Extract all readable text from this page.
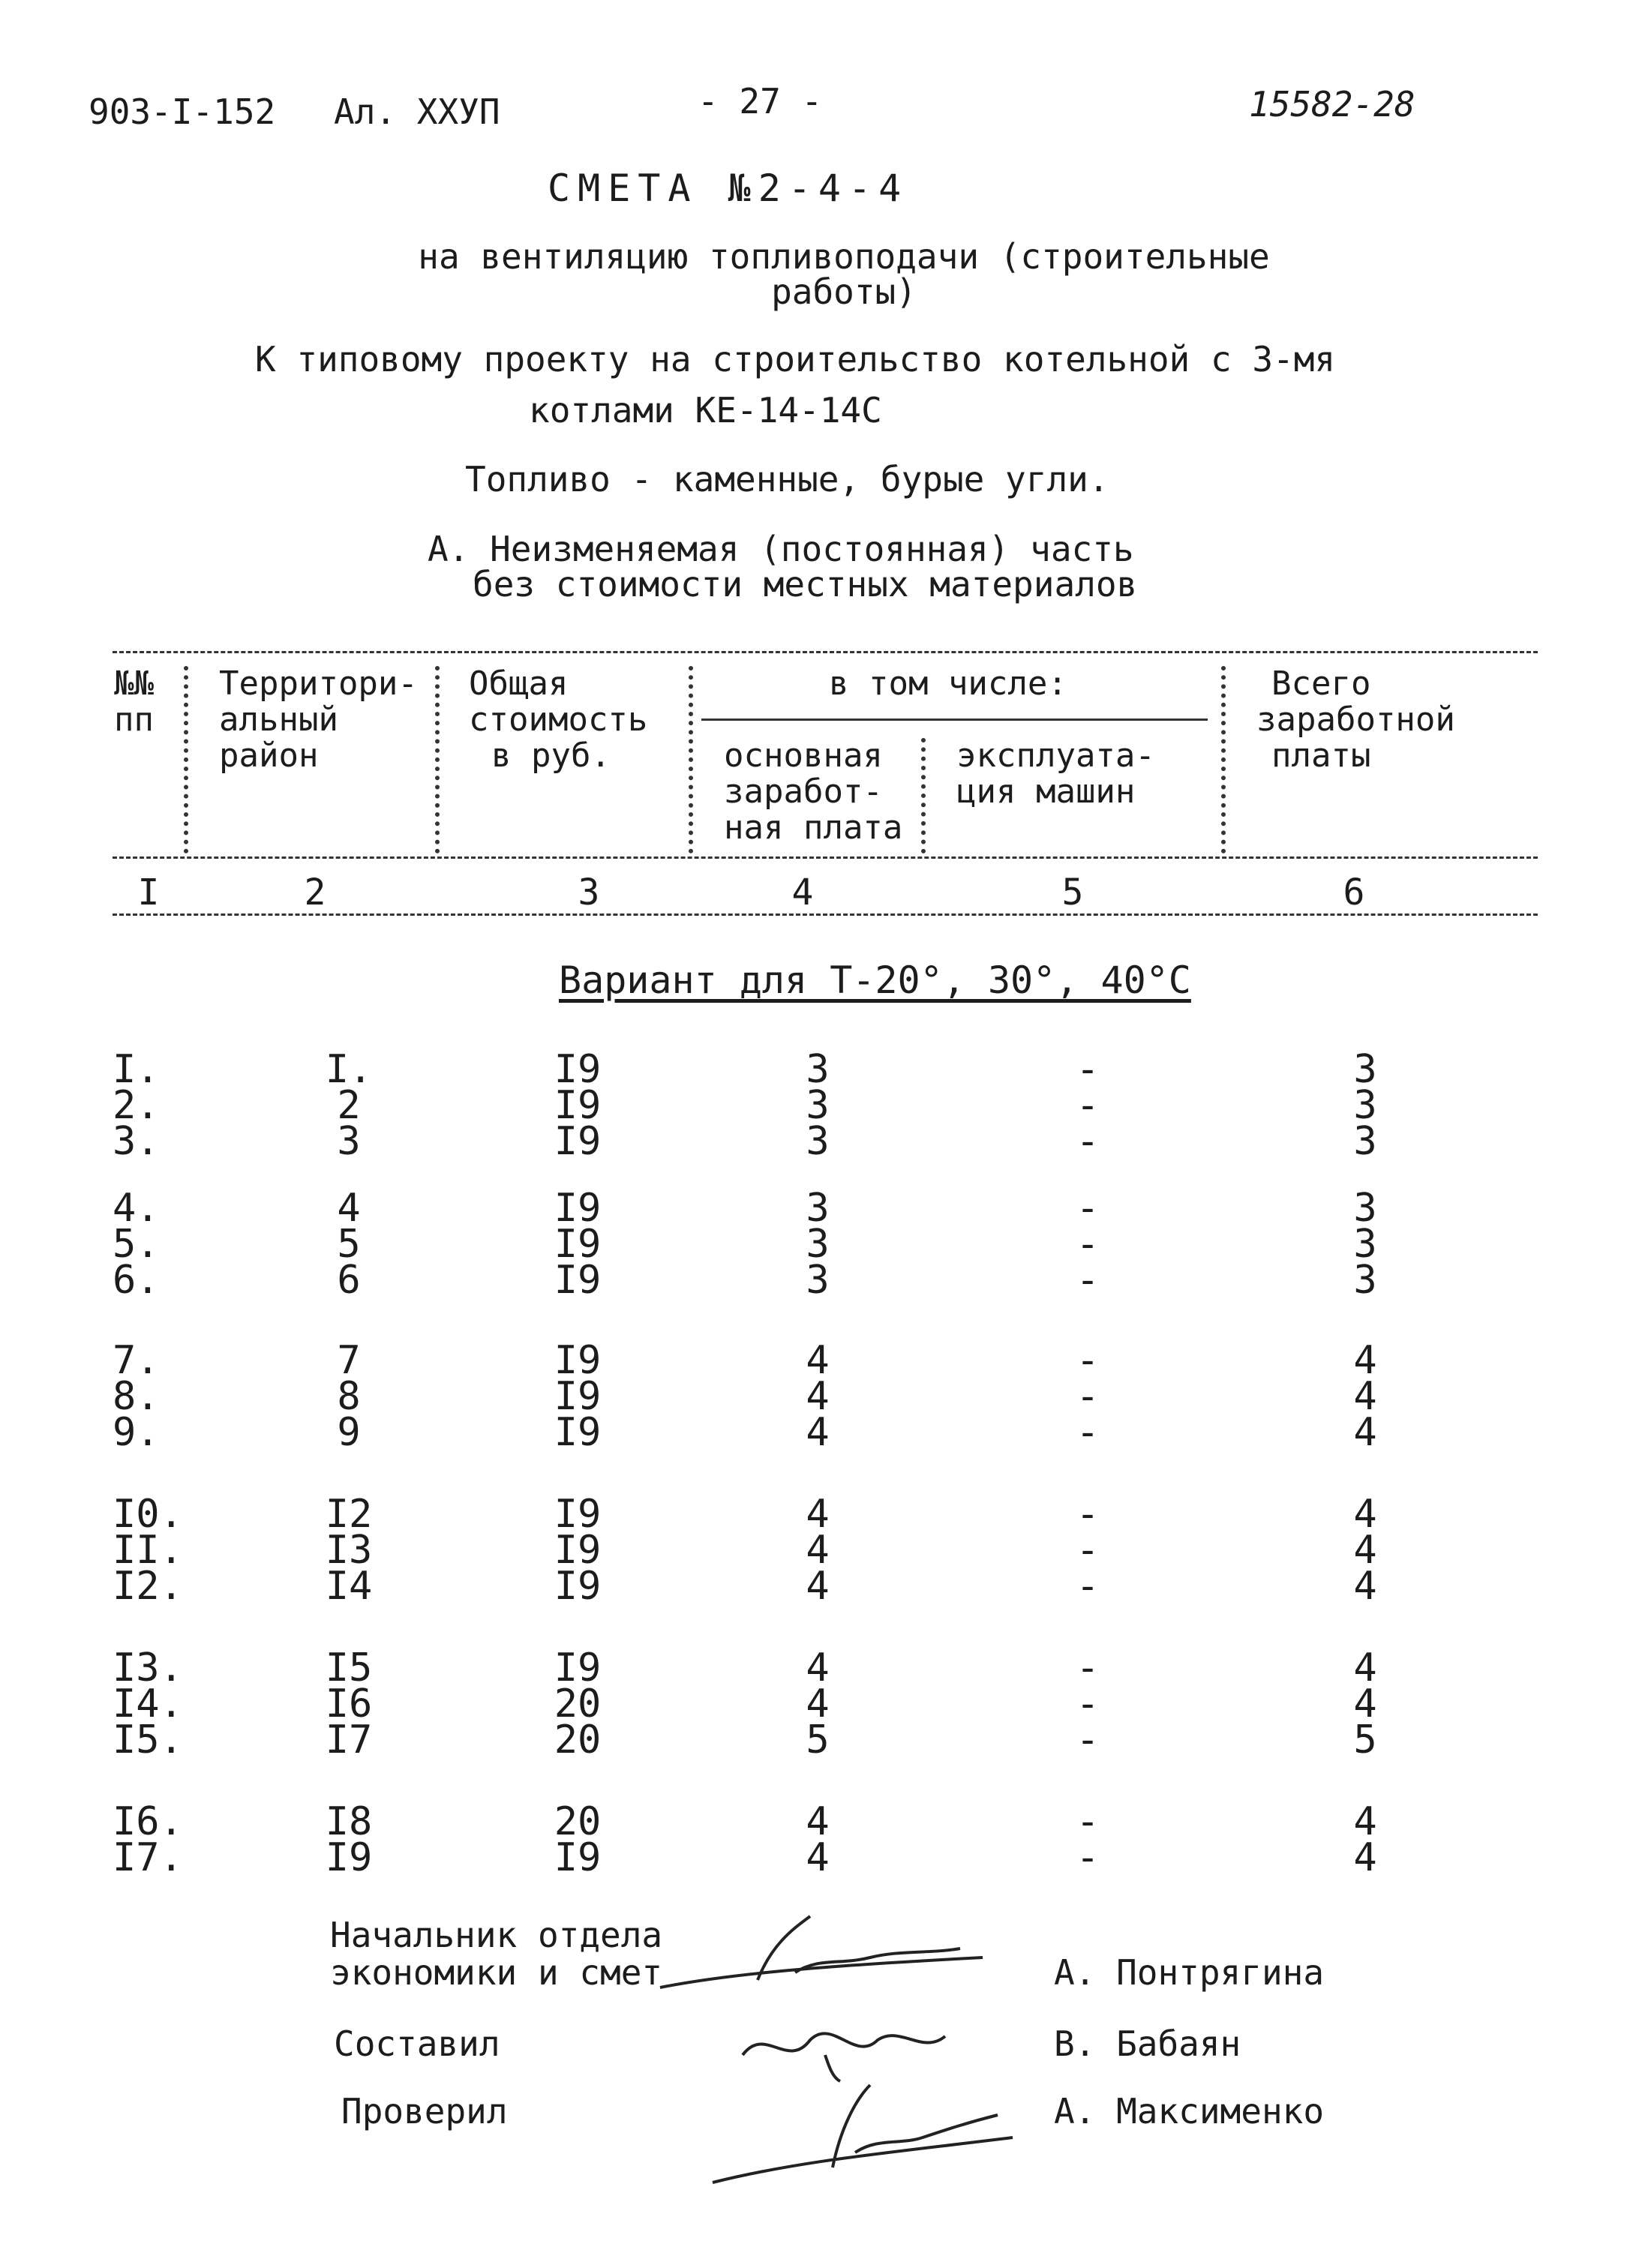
903-I-152 Ал. ХХУП	- 27 -	15582-28
СМЕТА №2-4-4
на вентиляцию топливоподачи (строительные
работы)
К типовому проекту на строительство котельной с 3-мя
котлами КЕ-14-14С
Топливо - каменные, бурые угли.
А. Неизменяемая (постоянная) часть
без стоимости местных материалов
№№
пп
Территори-
альный
район
Общая
стоимость
в руб.
в том числе:
основная
заработ-
ная плата
эксплуата-
ция машин
Всего
заработной
платы
I	2	3	4	5	6
Вариант для Т-20°, 30°, 40°С
I.	I.	I9	3	-	3
2.	2	I9	3	-	3
3.	3	I9	3	-	3
4.	4	I9	3	-	3
5.	5	I9	3	-	3
6.	6	I9	3	-	3
7.	7	I9	4	-	4
8.	8	I9	4	-	4
9.	9	I9	4	-	4
I0.	I2	I9	4	-	4
II.	I3	I9	4	-	4
I2.	I4	I9	4	-	4
I3.	I5	I9	4	-	4
I4.	I6	20	4	-	4
I5.	I7	20	5	-	5
I6.	I8	20	4	-	4
I7.	I9	I9	4	-	4
Начальник отдела
экономики и смет	А. Понтрягина
Составил	В. Бабаян
Проверил	А. Максименко
